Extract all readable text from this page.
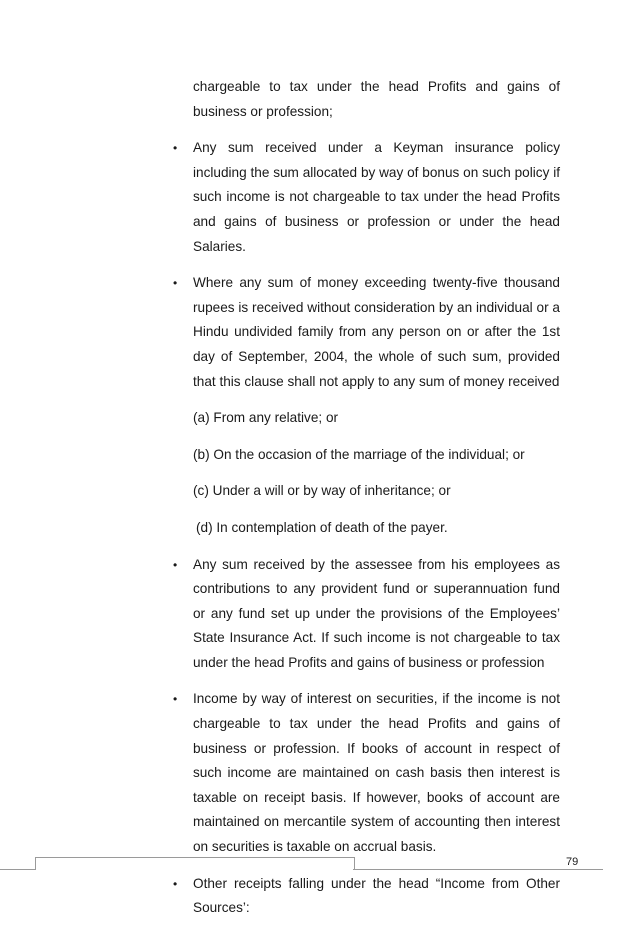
chargeable to tax under the head Profits and gains of business or profession;

• Any sum received under a Keyman insurance policy including the sum allocated by way of bonus on such policy if such income is not chargeable to tax under the head Profits and gains of business or profession or under the head Salaries.
• Where any sum of money exceeding twenty-five thousand rupees is received without consideration by an individual or a Hindu undivided family from any person on or after the 1st day of September, 2004, the whole of such sum, provided that this clause shall not apply to any sum of money received
(a) From any relative; or
(b) On the occasion of the marriage of the individual; or
(c) Under a will or by way of inheritance; or
(d) In contemplation of death of the payer.
• Any sum received by the assessee from his employees as contributions to any provident fund or superannuation fund or any fund set up under the provisions of the Employees’ State Insurance Act. If such income is not chargeable to tax under the head Profits and gains of business or profession
• Income by way of interest on securities, if the income is not chargeable to tax under the head Profits and gains of business or profession. If books of account in respect of such income are maintained on cash basis then interest is taxable on receipt basis. If however, books of account are maintained on mercantile system of accounting then interest on securities is taxable on accrual basis.
• Other receipts falling under the head “Income from Other Sources’:
79
